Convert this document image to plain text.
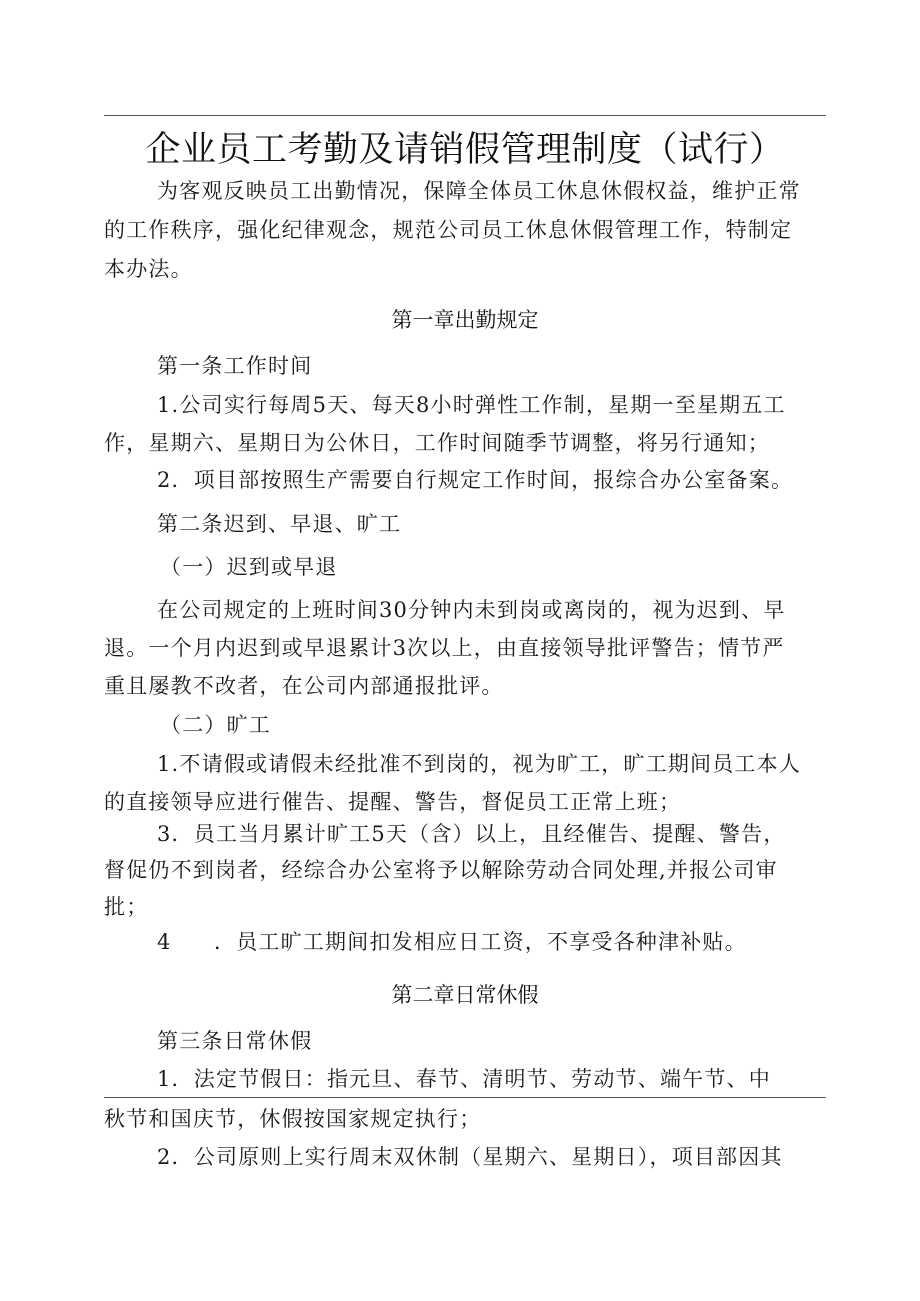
企业员工考勤及请销假管理制度（试行）
为客观反映员工出勤情况，保障全体员工休息休假权益，维护正常
的工作秩序，强化纪律观念，规范公司员工休息休假管理工作，特制定
本办法。
第一章出勤规定
第一条工作时间
1.公司实行每周5天、每天8小时弹性工作制，星期一至星期五工
作，星期六、星期日为公休日，工作时间随季节调整，将另行通知；
2．项目部按照生产需要自行规定工作时间，报综合办公室备案。
第二条迟到、早退、旷工
（一）迟到或早退
在公司规定的上班时间30分钟内未到岗或离岗的，视为迟到、早
退。一个月内迟到或早退累计3次以上，由直接领导批评警告；情节严
重且屡教不改者，在公司内部通报批评。
（二）旷工
1.不请假或请假未经批准不到岗的，视为旷工，旷工期间员工本人
的直接领导应进行催告、提醒、警告，督促员工正常上班；
3．员工当月累计旷工5天（含）以上，且经催告、提醒、警告，
督促仍不到岗者，经综合办公室将予以解除劳动合同处理,并报公司审
批；
4 ．员工旷工期间扣发相应日工资，不享受各种津补贴。
第二章日常休假
第三条日常休假
1．法定节假日：指元旦、春节、清明节、劳动节、端午节、中
秋节和国庆节，休假按国家规定执行；
2．公司原则上实行周末双休制（星期六、星期日），项目部因其
